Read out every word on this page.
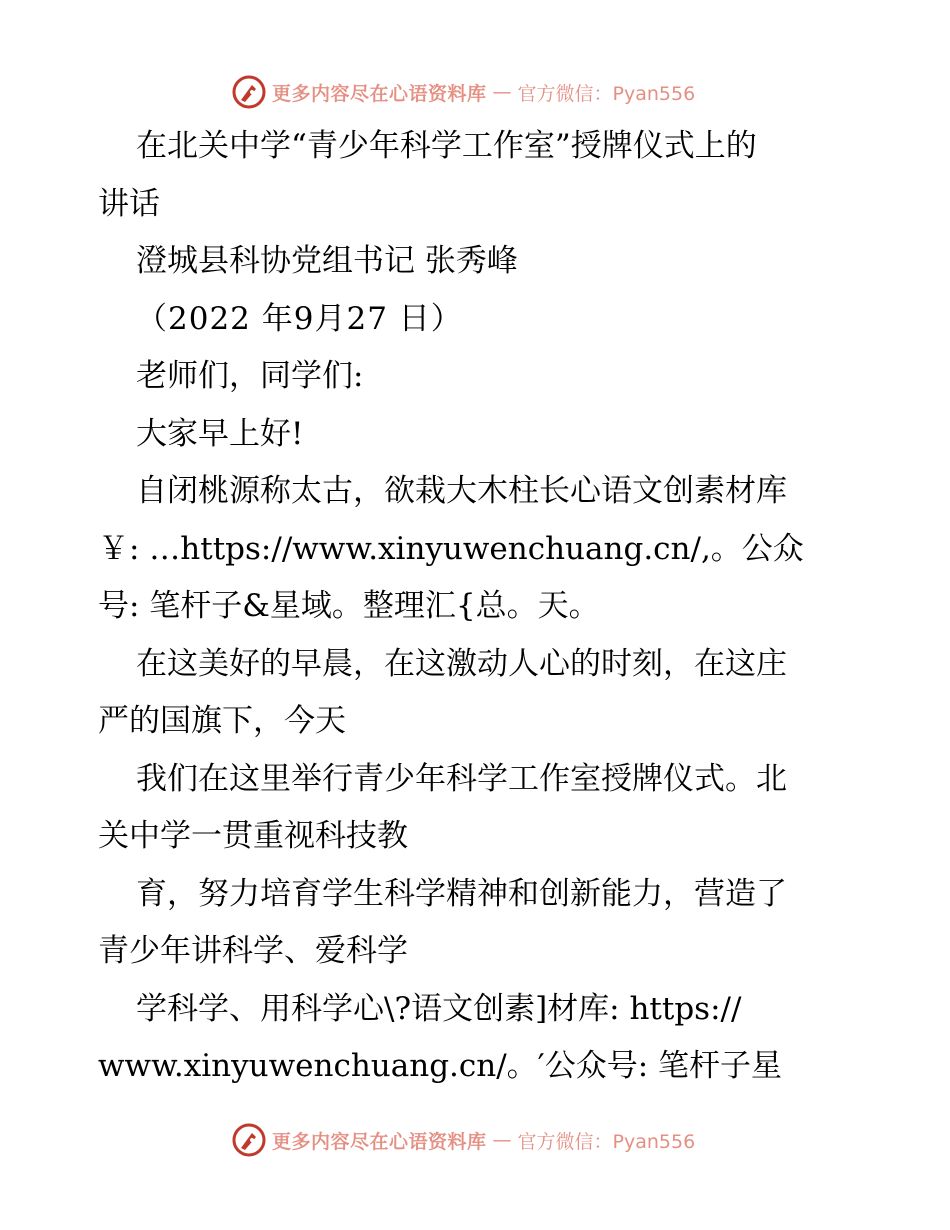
更多内容尽在心语资料库 — 官方微信：Pyan556
在北关中学“青少年科学工作室”授牌仪式上的
讲话
澄城县科协党组书记 张秀峰
（2022 年9月27 日）
老师们，同学们:
大家早上好!
自闭桃源称太古，欲栽大木柱长心语文创素材库
￥: …https://www.xinyuwenchuang.cn/,。公众
号: 笔杆子&星域。整理汇{总。天。
在这美好的早晨，在这激动人心的时刻，在这庄
严的国旗下，今天
我们在这里举行青少年科学工作室授牌仪式。北
关中学一贯重视科技教
育，努力培育学生科学精神和创新能力，营造了
青少年讲科学、爱科学
学科学、用科学心\?语文创素]材库: https://
www.xinyuwenchuang.cn/。′公众号: 笔杆子星
更多内容尽在心语资料库 — 官方微信：Pyan556
